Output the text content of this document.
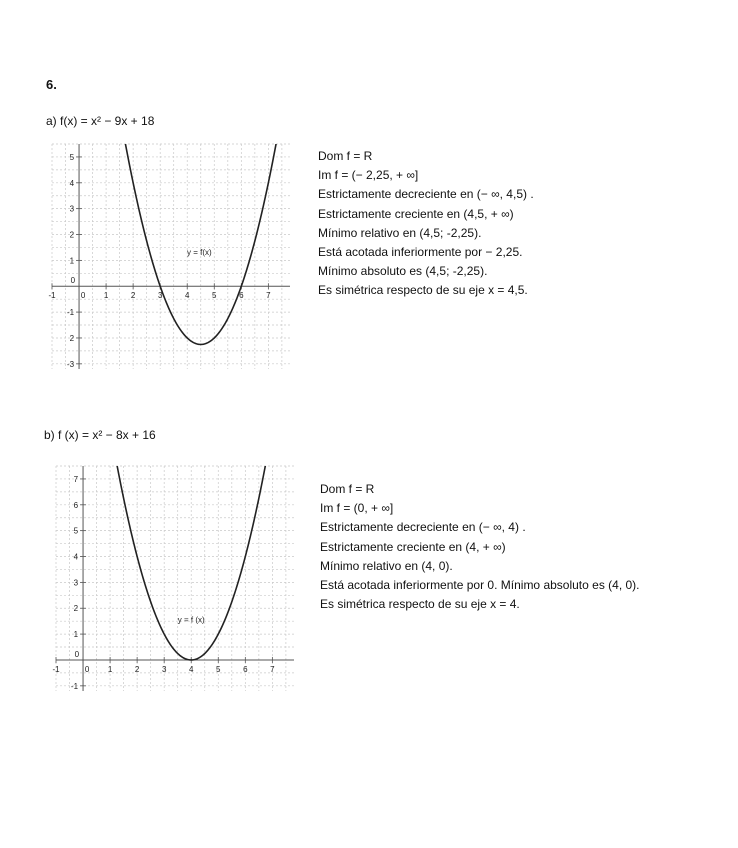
6.
a) f(x) = x² − 9x + 18
-1	0 1	2	3	4	5	6	7
-3
2
-1
0
1
2
3
4
5
y = f(x)
Dom f = R
Im f = (− 2,25, + ∞]
Estrictamente decreciente en (− ∞, 4,5) .
Estrictamente creciente en (4,5, + ∞)
Mínimo relativo en (4,5; -2,25).
Está acotada inferiormente por − 2,25.
Mínimo absoluto es (4,5; -2,25).
Es simétrica respecto de su eje x = 4,5.
b) f (x) = x² − 8x + 16
-1	0 1	2	3	4	5	6	7
-1
0
1
2
3
4
5
6
7
y = f (x)
Dom f = R
Im f = (0, + ∞]
Estrictamente decreciente en (− ∞, 4) .
Estrictamente creciente en (4, + ∞)
Mínimo relativo en (4, 0).
Está acotada inferiormente por 0. Mínimo absoluto es (4, 0).
Es simétrica respecto de su eje x = 4.
